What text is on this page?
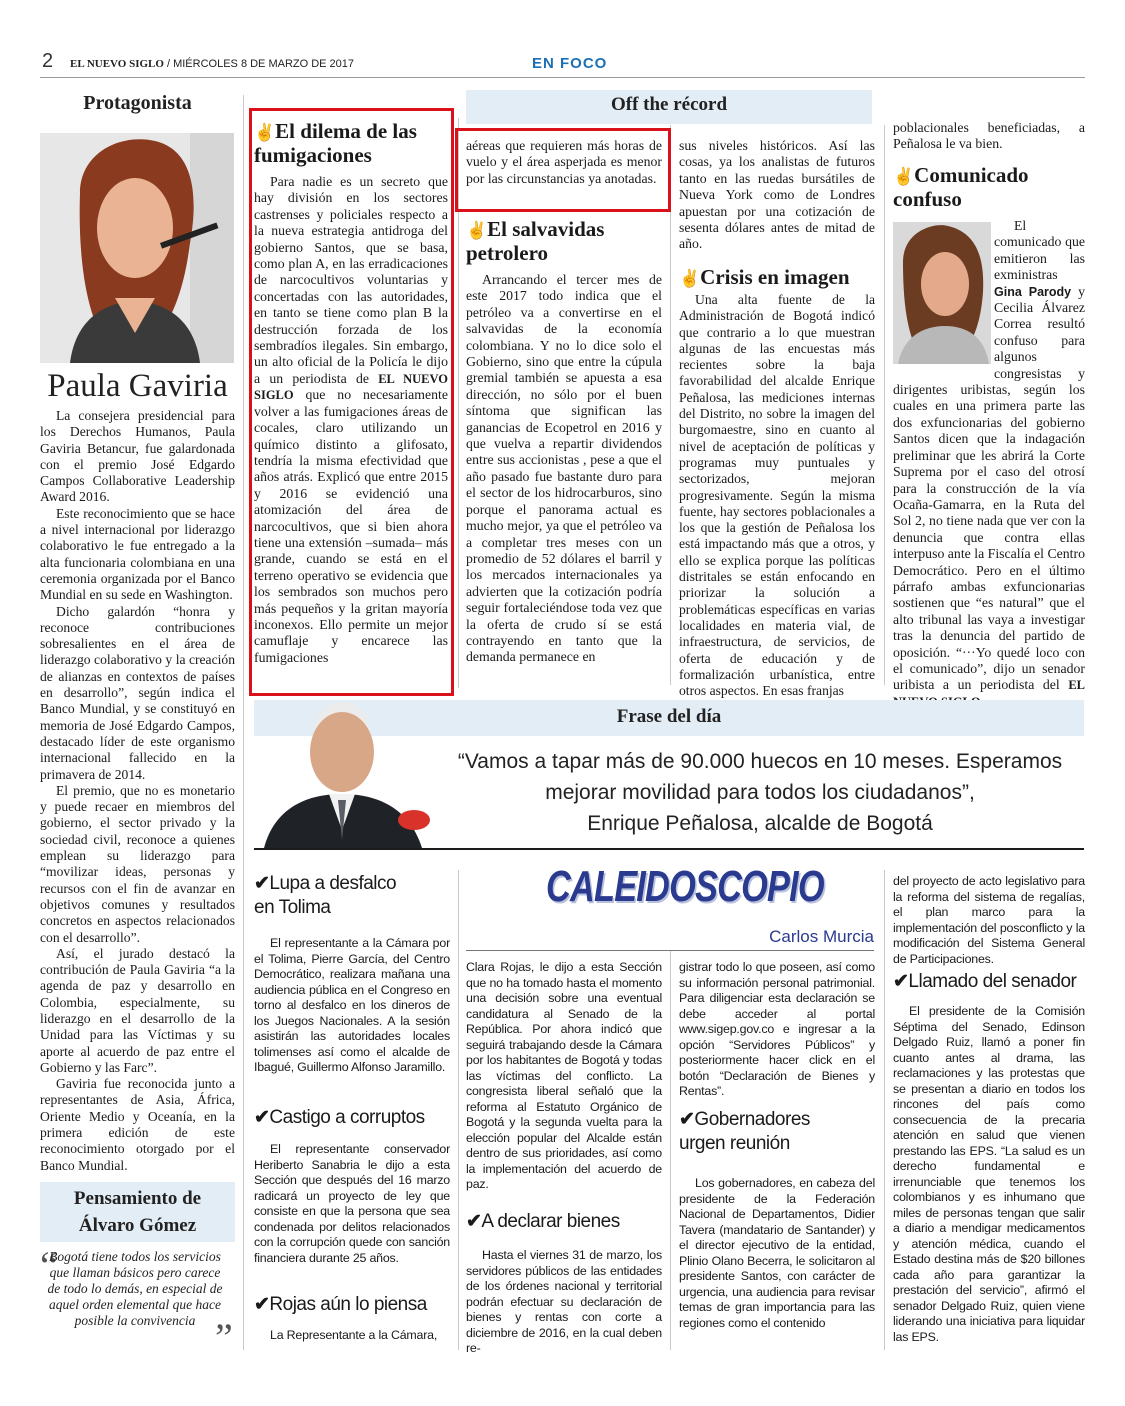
2 EL NUEVO SIGLO / MIÉRCOLES 8 DE MARZO DE 2017	EN FOCO
Protagonista
Paula Gaviria

La consejera presidencial para los Derechos Humanos, Paula Gaviria Betancur, fue galardonada con el premio José Edgardo Campos Collaborative Leadership Award 2016.

Este reconocimiento que se hace a nivel internacional por liderazgo colaborativo le fue entregado a la alta funcionaria colombiana en una ceremonia organizada por el Banco Mundial en su sede en Washington.

Dicho galardón “honra y reconoce contribuciones sobresalientes en el área de liderazgo colaborativo y la creación de alianzas en contextos de países en desarrollo”, según indica el Banco Mundial, y se constituyó en memoria de José Edgardo Campos, destacado líder de este organismo internacional fallecido en la primavera de 2014.

El premio, que no es monetario y puede recaer en miembros del gobierno, el sector privado y la sociedad civil, reconoce a quienes emplean su liderazgo para “movilizar ideas, personas y recursos con el fin de avanzar en objetivos comunes y resultados concretos en aspectos relacionados con el desarrollo”.

Así, el jurado destacó la contribución de Paula Gaviria “a la agenda de paz y desarrollo en Colombia, especialmente, su liderazgo en el desarrollo de la Unidad para las Víctimas y su aporte al acuerdo de paz entre el Gobierno y las Farc”.

Gaviria fue reconocida junto a representantes de Asia, África, Oriente Medio y Oceanía, en la primera edición de este reconocimiento otorgado por el Banco Mundial.

Pensamiento de
Álvaro Gómez
“
Bogotá tiene todos los servicios que llaman básicos pero carece de todo lo demás, en especial de aquel orden elemental que hace posible la convivencia ”
Off the récord
✌El dilema de las
fumigaciones

Para nadie es un secreto que hay división en los sectores castrenses y policiales respecto a la nueva estrategia antidroga del gobierno Santos, que se basa, como plan A, en las erradicaciones de narcocultivos voluntarias y concertadas con las autoridades, en tanto se tiene como plan B la destrucción forzada de los sembradíos ilegales. Sin embargo, un alto oficial de la Policía le dijo a un periodista de EL NUEVO SIGLO que no necesariamente volver a las fumigaciones áreas de cocales, claro utilizando un químico distinto a glifosato, tendría la misma efectividad que años atrás. Explicó que entre 2015 y 2016 se evidenció una atomización del área de narcocultivos, que si bien ahora tiene una extensión –sumada– más grande, cuando se está en el terreno operativo se evidencia que los sembrados son muchos pero más pequeños y la gritan mayoría inconexos. Ello permite un mejor camuflaje y encarece las fumigaciones

aéreas que requieren más horas de vuelo y el área asperjada es menor por las circunstancias ya anotadas.
✌El salvavidas
petrolero

Arrancando el tercer mes de este 2017 todo indica que el petróleo va a convertirse en el salvavidas de la economía colombiana. Y no lo dice solo el Gobierno, sino que entre la cúpula gremial también se apuesta a esa dirección, no sólo por el buen síntoma que significan las ganancias de Ecopetrol en 2016 y que vuelva a repartir dividendos entre sus accionistas , pese a que el año pasado fue bastante duro para el sector de los hidrocarburos, sino porque el panorama actual es mucho mejor, ya que el petróleo va a completar tres meses con un promedio de 52 dólares el barril y los mercados internacionales ya advierten que la cotización podría seguir fortaleciéndose toda vez que la oferta de crudo sí se está contrayendo en tanto que la demanda permanece en

sus niveles históricos. Así las cosas, ya los analistas de futuros tanto en las ruedas bursátiles de Nueva York como de Londres apuestan por una cotización de sesenta dólares antes de mitad de año.
✌Crisis en imagen

Una alta fuente de la Administración de Bogotá indicó que contrario a lo que muestran algunas de las encuestas más recientes sobre la baja favorabilidad del alcalde Enrique Peñalosa, las mediciones internas del Distrito, no sobre la imagen del burgomaestre, sino en cuanto al nivel de aceptación de políticas y programas muy puntuales y sectorizados, mejoran progresivamente. Según la misma fuente, hay sectores poblacionales a los que la gestión de Peñalosa los está impactando más que a otros, y ello se explica porque las políticas distritales se están enfocando en priorizar la solución a problemáticas específicas en varias localidades en materia vial, de infraestructura, de servicios, de oferta de educación y de formalización urbanística, entre otros aspectos. En esas franjas

poblacionales beneficiadas, a Peñalosa le va bien.
✌Comunicado
confuso

El comunicado que emitieron las exministras Gina Parody y Cecilia Álvarez Correa resultó confuso para algunos congresistas y dirigentes uribistas, según los cuales en una primera parte las dos exfuncionarias del gobierno Santos dicen que la indagación preliminar que les abrirá la Corte Suprema por el caso del otrosí para la construcción de la vía Ocaña-Gamarra, en la Ruta del Sol 2, no tiene nada que ver con la denuncia que contra ellas interpuso ante la Fiscalía el Centro Democrático. Pero en el último párrafo ambas exfuncionarias sostienen que “es natural” que el alto tribunal las vaya a investigar tras la denuncia del partido de oposición. “···Yo quedé loco con el comunicado”, dijo un senador uribista a un periodista del EL

Frase del día
“Vamos a tapar más de 90.000 huecos en 10 meses. Esperamos
mejorar movilidad para todos los ciudadanos”,
Enrique Peñalosa, alcalde de Bogotá
CALEIDOSCOPIO
Carlos Murcia
✔Lupa a desfalco
en Tolima

El representante a la Cámara por el Tolima, Pierre García, del Centro Democrático, realizara mañana una audiencia pública en el Congreso en torno al desfalco en los dineros de los Juegos Nacionales. A la sesión asistirán las autoridades locales tolimenses así como el alcalde de Ibagué, Guillermo Alfonso Jaramillo.

✔Castigo a corruptos

El representante conservador Heriberto Sanabria le dijo a esta Sección que después del 16 marzo radicará un proyecto de ley que consiste en que la persona que sea condenada por delitos relacionados con la corrupción quede con sanción financiera durante 25 años.

✔Rojas aún lo piensa

La Representante a la Cámara,

Clara Rojas, le dijo a esta Sección que no ha tomado hasta el momento una decisión sobre una eventual candidatura al Senado de la República. Por ahora indicó que seguirá trabajando desde la Cámara por los habitantes de Bogotá y todas las víctimas del conflicto. La congresista liberal señaló que la reforma al Estatuto Orgánico de Bogotá y la segunda vuelta para la elección popular del Alcalde están dentro de sus prioridades, así como la implementación del acuerdo de paz.
✔A declarar bienes

Hasta el viernes 31 de marzo, los servidores públicos de las entidades de los órdenes nacional y territorial podrán efectuar su declaración de bienes y rentas con corte a diciembre de 2016, en la cual deben re-

gistrar todo lo que poseen, así como su información personal patrimonial. Para diligenciar esta declaración se debe acceder al portal www.sigep.gov.co e ingresar a la opción “Servidores Públicos” y posteriormente hacer click en el botón “Declaración de Bienes y Rentas”.
✔Gobernadores
urgen reunión

Los gobernadores, en cabeza del presidente de la Federación Nacional de Departamentos, Didier Tavera (mandatario de Santander) y el director ejecutivo de la entidad, Plinio Olano Becerra, le solicitaron al presidente Santos, con carácter de urgencia, una audiencia para revisar temas de gran importancia para las regiones como el contenido

del proyecto de acto legislativo para la reforma del sistema de regalías, el plan marco para la implementación del posconflicto y la modificación del Sistema General de Participaciones.
✔Llamado del senador

El presidente de la Comisión Séptima del Senado, Edinson Delgado Ruiz, llamó a poner fin cuanto antes al drama, las reclamaciones y las protestas que se presentan a diario en todos los rincones del país como consecuencia de la precaria atención en salud que vienen prestando las EPS. “La salud es un derecho fundamental e irrenunciable que tenemos los colombianos y es inhumano que miles de personas tengan que salir a diario a mendigar medicamentos y atención médica, cuando el Estado destina más de $20 billones cada año para garantizar la prestación del servicio”, afirmó el senador Delgado Ruiz, quien viene liderando una iniciativa para liquidar las EPS.
